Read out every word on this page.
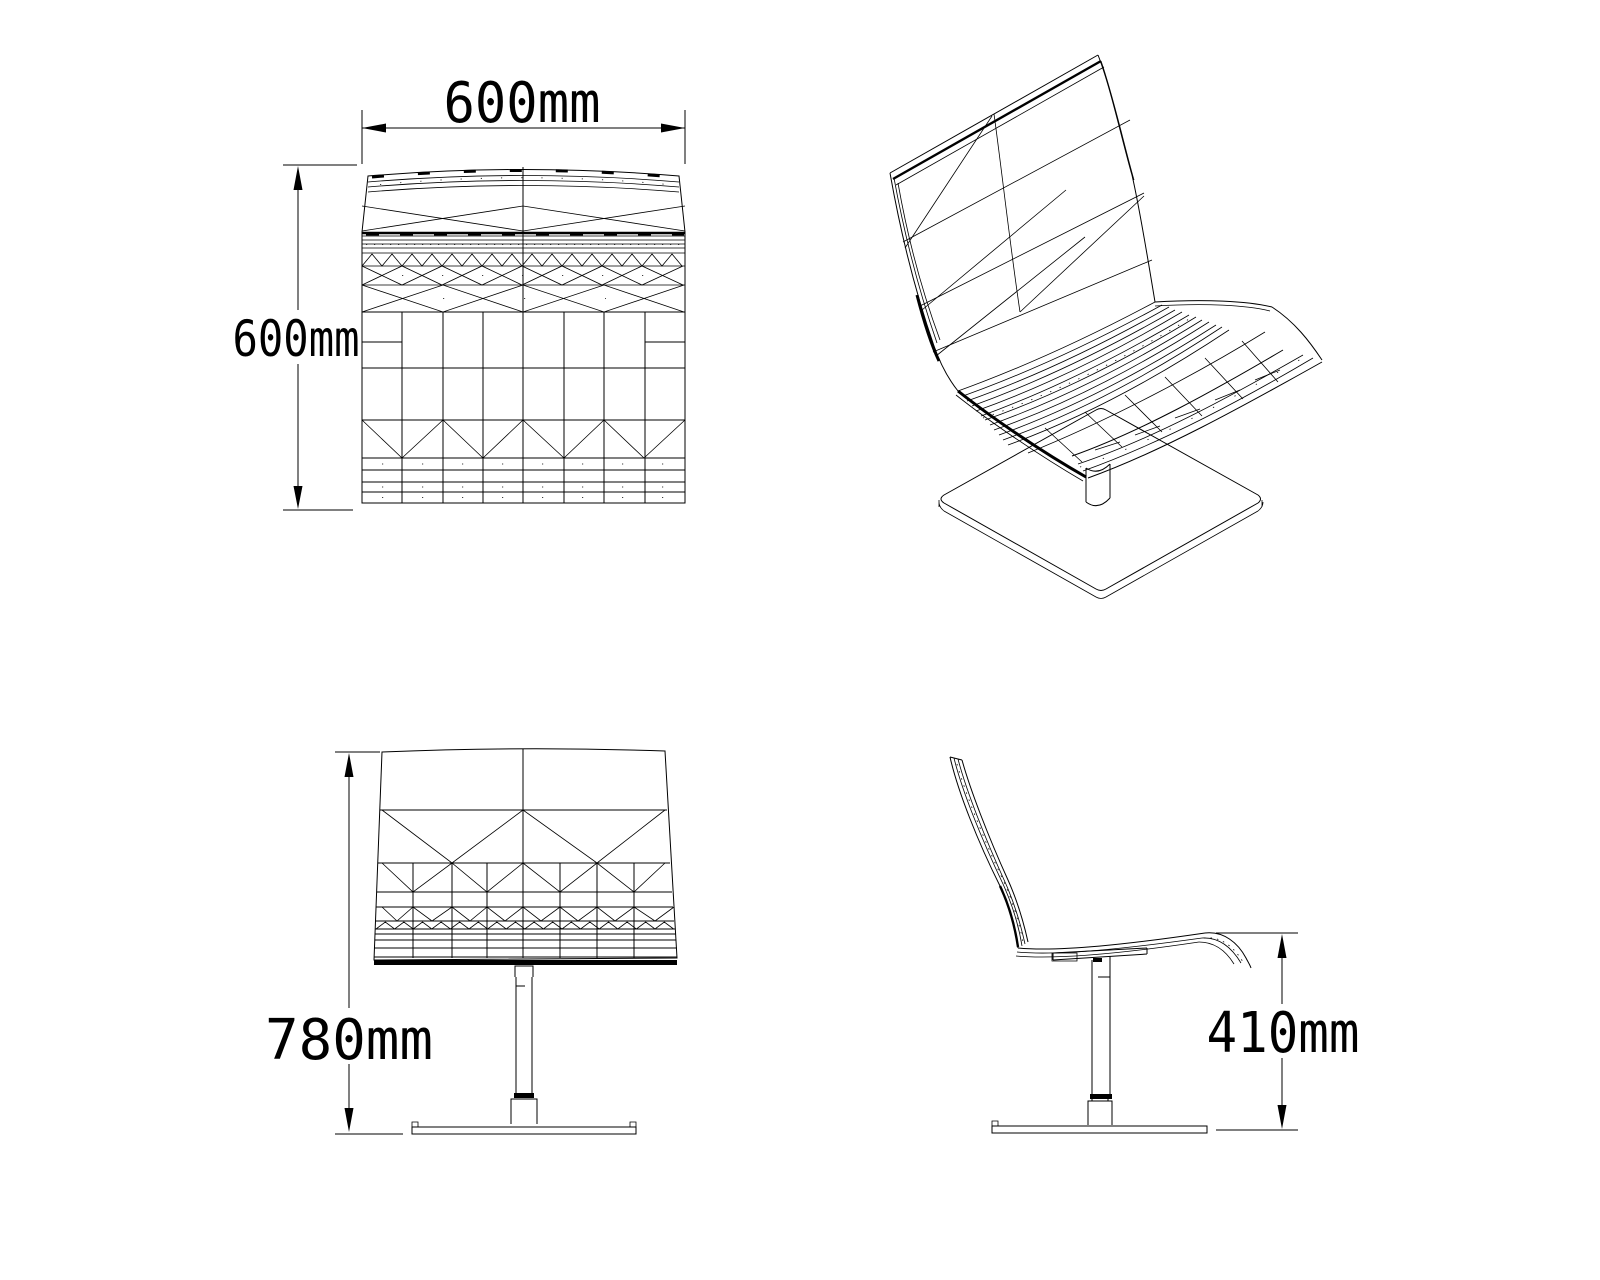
600mm
600mm
780mm	410mm
